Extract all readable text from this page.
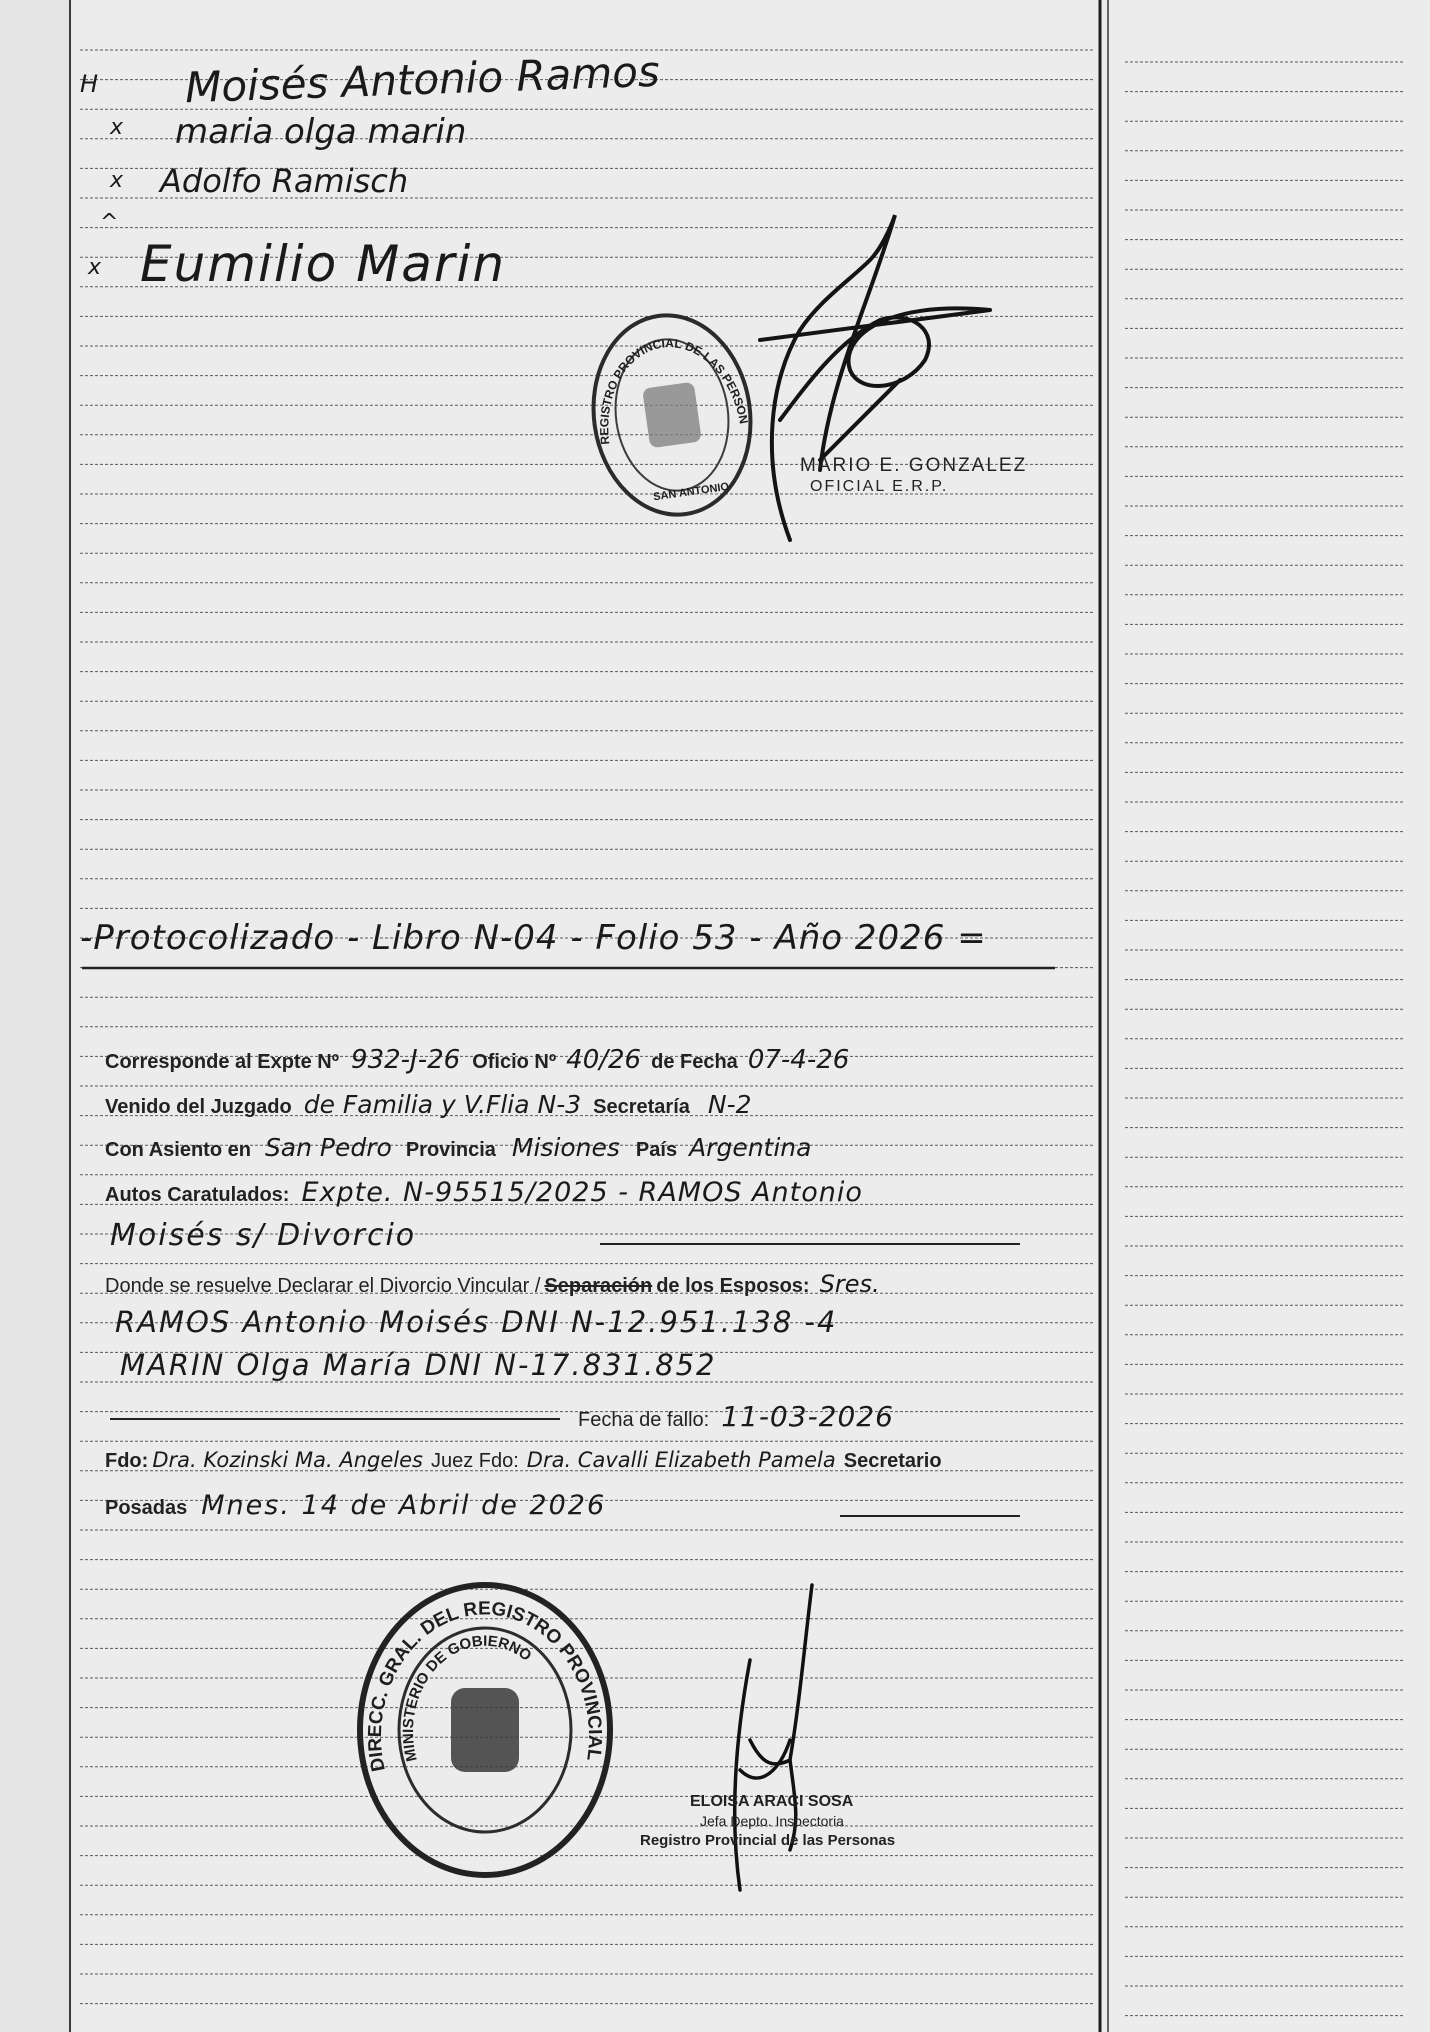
REGISTRO PROVINCIAL DE LAS PERSONAS
SAN ANTONIO
DIRECC. GRAL. DEL REGISTRO PROVINCIAL
MINISTERIO DE GOBIERNO
H
x
x
^
x
Moisés Antonio Ramos
maria olga marin
Adolfo Ramisch
Eumilio Marin
MARIO E. GONZALEZ
OFICIAL E.R.P.
-Protocolizado - Libro N-04 - Folio 53 - Año 2026 =
Corresponde al Expte Nº 932-J-26 Oficio Nº 40/26 de Fecha 07-4-26
Venido del Juzgado de Familia y V.Flia N-3 Secretaría N-2
Con Asiento en San Pedro Provincia Misiones País Argentina
Autos Caratulados: Expte. N-95515/2025 - RAMOS Antonio
Moisés s/ Divorcio
Donde se resuelve Declarar el Divorcio Vincular / Separación de los Esposos: Sres.
RAMOS Antonio Moisés DNI N-12.951.138 -4
MARIN Olga María DNI N-17.831.852
Fecha de fallo: 11-03-2026
Fdo: Dra. Kozinski Ma. Angeles Juez Fdo: Dra. Cavalli Elizabeth Pamela Secretario
Posadas Mnes. 14 de Abril de 2026
ELOISA ARACI SOSA
Jefa Depto. Inspectoria
Registro Provincial de las Personas
